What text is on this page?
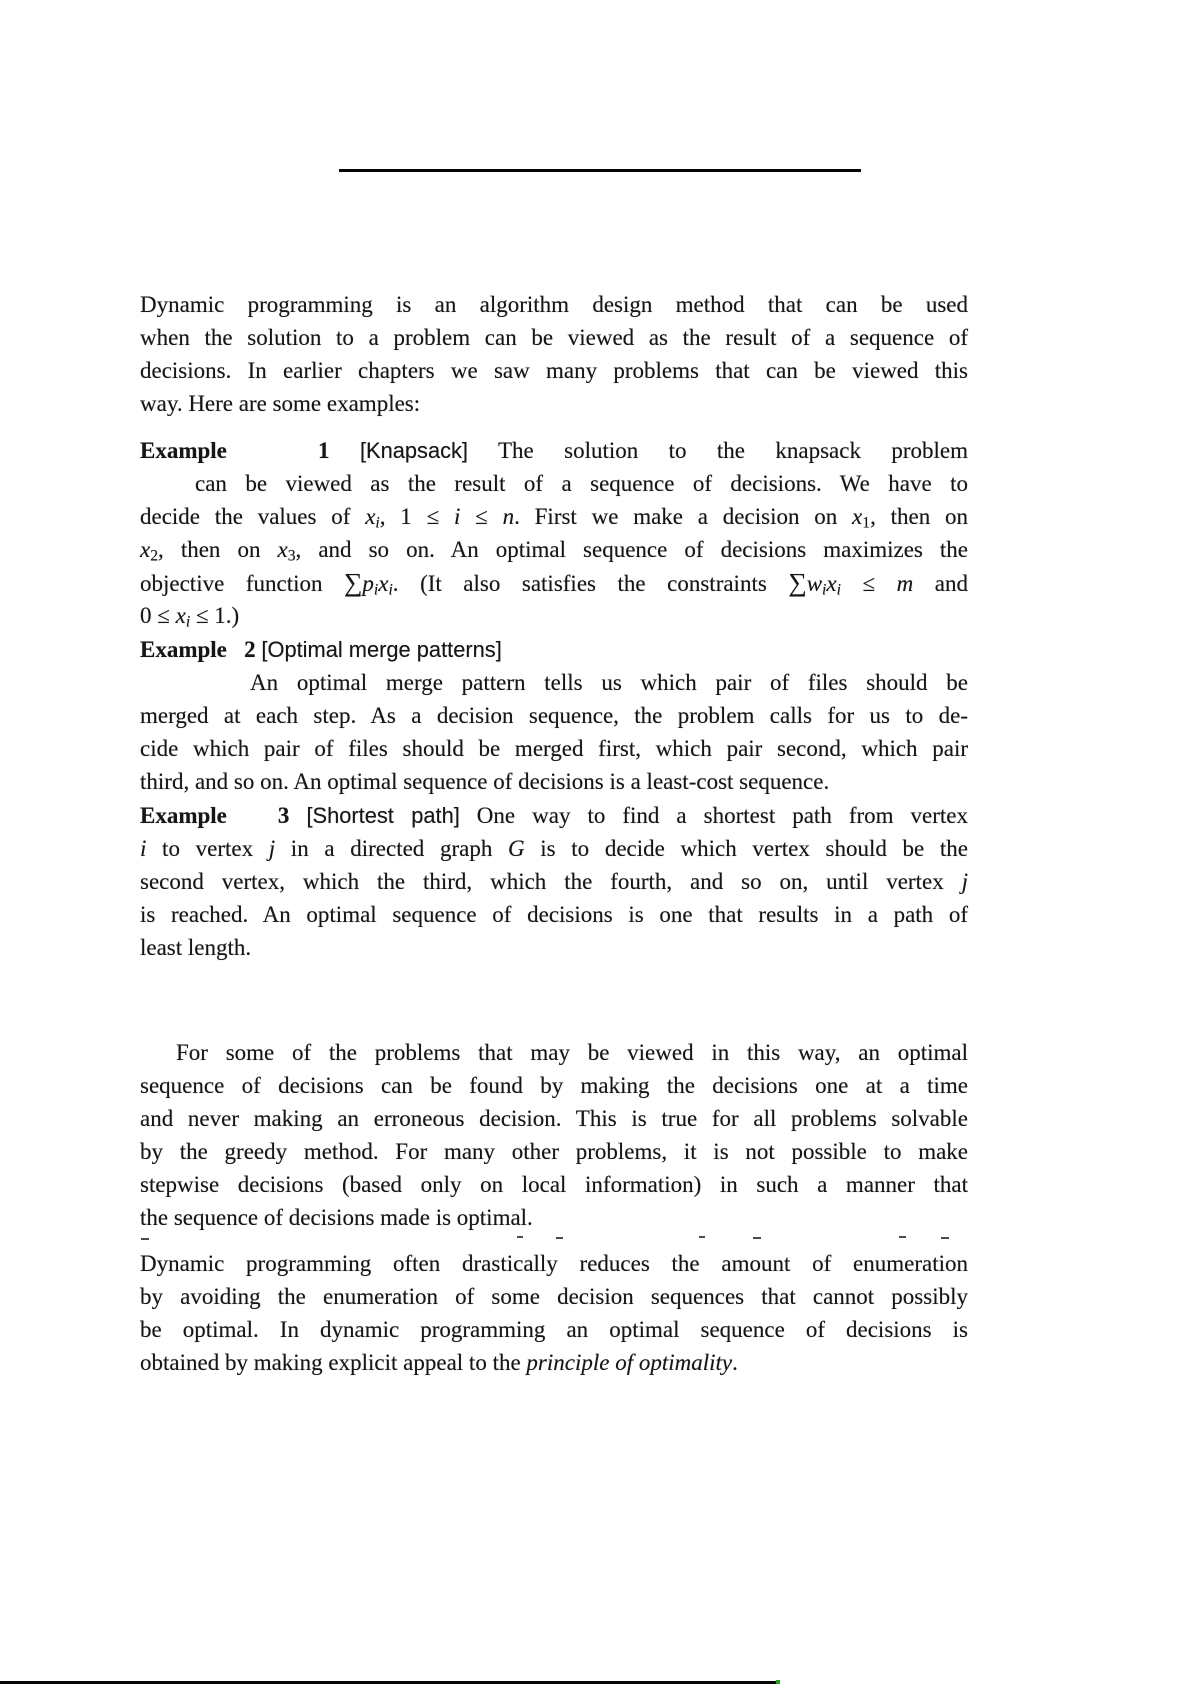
Dynamic programming is an algorithm design method that can be used
when the solution to a problem can be viewed as the result of a sequence of
decisions. In earlier chapters we saw many problems that can be viewed this
way. Here are some examples:
Example   1 [Knapsack] The solution to the knapsack problem
can be viewed as the result of a sequence of decisions. We have to
decide the values of xi, 1 ≤ i ≤ n. First we make a decision on x1, then on
x2, then on x3, and so on. An optimal sequence of decisions maximizes the
objective function ∑pixi. (It also satisfies the constraints ∑wixi ≤ m and
0 ≤ xi ≤ 1.)
Example   2 [Optimal merge patterns]
An optimal merge pattern tells us which pair of files should be
merged at each step. As a decision sequence, the problem calls for us to de-
cide which pair of files should be merged first, which pair second, which pair
third, and so on. An optimal sequence of decisions is a least-cost sequence.
Example   3 [Shortest path] One way to find a shortest path from vertex
i to vertex j in a directed graph G is to decide which vertex should be the
second vertex, which the third, which the fourth, and so on, until vertex j
is reached. An optimal sequence of decisions is one that results in a path of
least length.
For some of the problems that may be viewed in this way, an optimal
sequence of decisions can be found by making the decisions one at a time
and never making an erroneous decision. This is true for all problems solvable
by the greedy method. For many other problems, it is not possible to make
stepwise decisions (based only on local information) in such a manner that
the sequence of decisions made is optimal.
Dynamic programming often drastically reduces the amount of enumeration
by avoiding the enumeration of some decision sequences that cannot possibly
be optimal. In dynamic programming an optimal sequence of decisions is
obtained by making explicit appeal to the principle of optimality.
